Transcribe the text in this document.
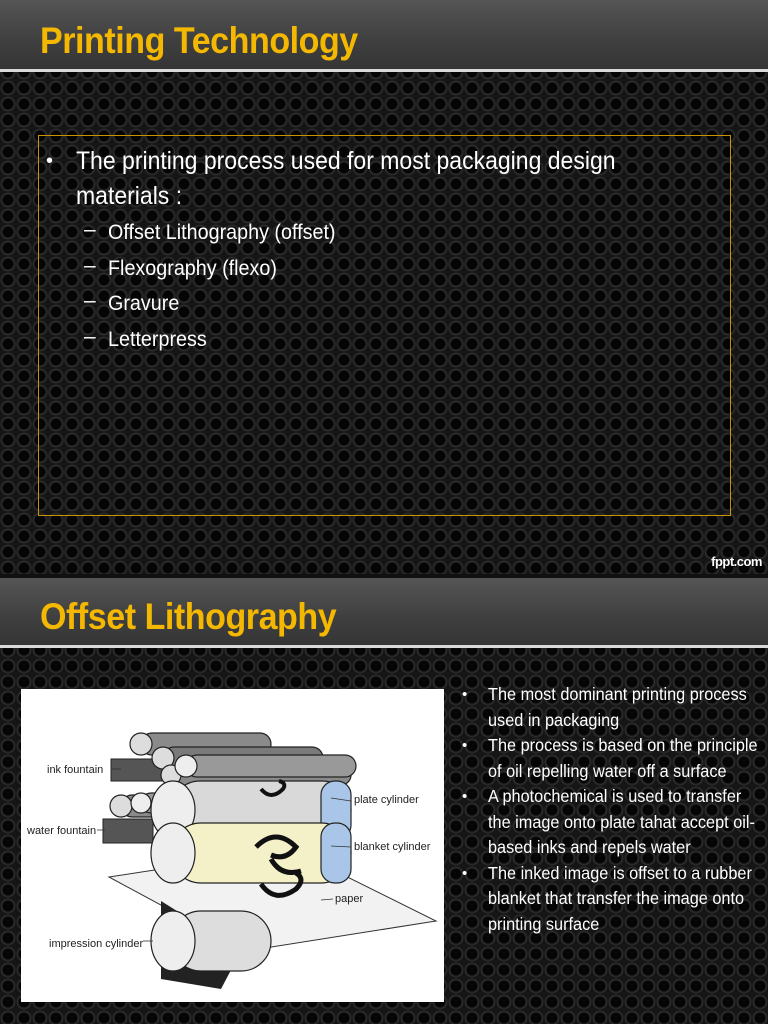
Printing Technology
• The printing process used for most packaging design materials :
– Offset Lithography (offset)
– Flexography (flexo)
– Gravure
– Letterpress
fppt.com
Offset Lithography
ink fountain
water fountain
plate cylinder
blanket cylinder
paper
impression cylinder
• The most dominant printing process used in packaging
• The process is based on the principle of oil repelling water off a surface
• A photochemical is used to transfer the image onto plate tahat accept oil-based inks and repels water
• The inked image is offset to a rubber blanket that transfer the image onto printing surface
